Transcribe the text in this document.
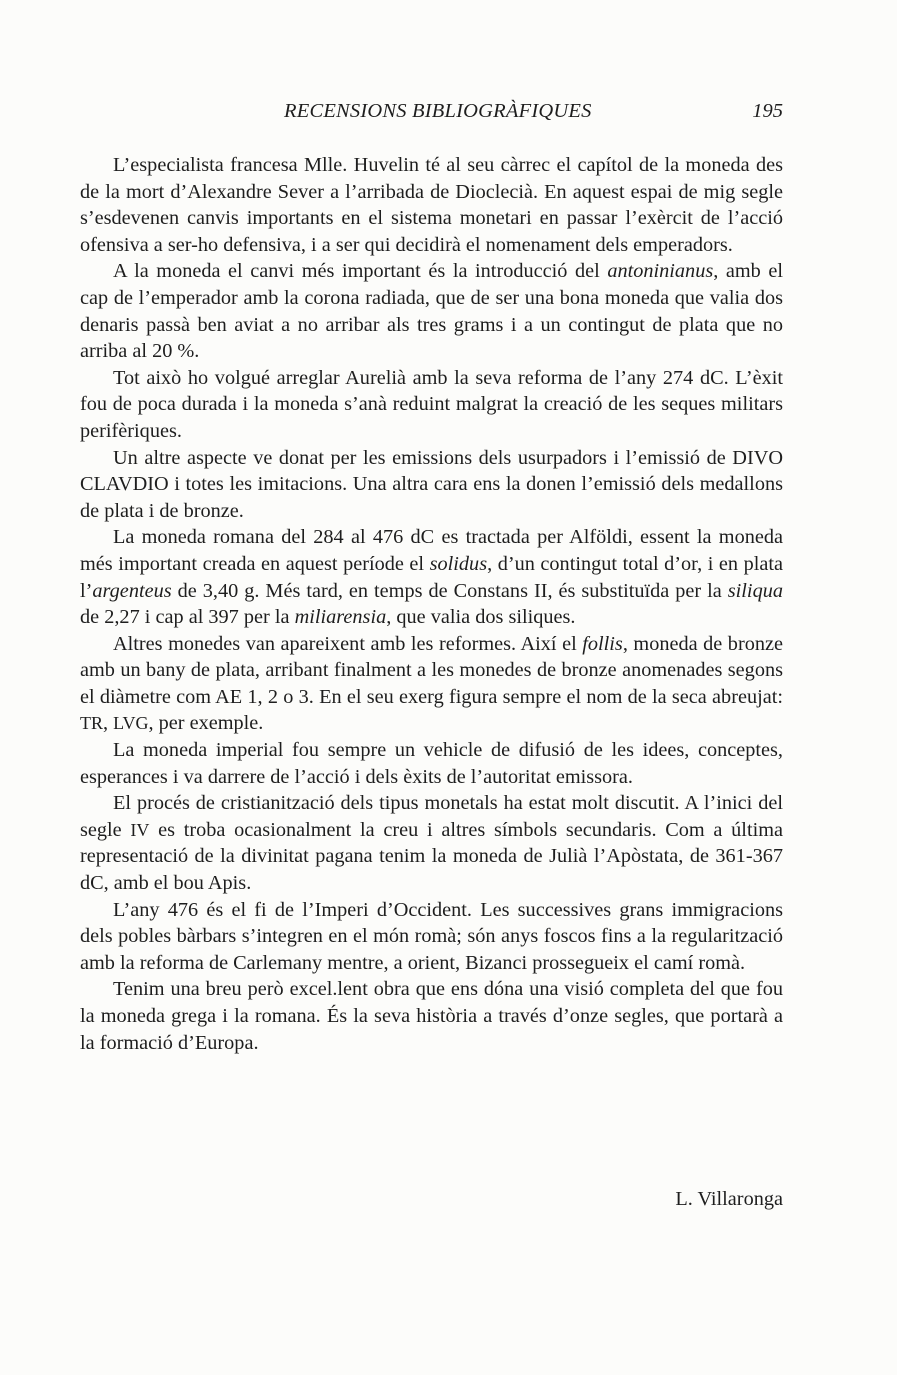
RECENSIONS BIBLIOGRÀFIQUES	195

L’especialista francesa Mlle. Huvelin té al seu càrrec el capítol de la moneda des de la mort d’Alexandre Sever a l’arribada de Dioclecià. En aquest espai de mig segle s’esdevenen canvis importants en el sistema monetari en passar l’exèrcit de l’acció ofensiva a ser-ho defensiva, i a ser qui decidirà el nomenament dels emperadors.

A la moneda el canvi més important és la introducció del antoninianus, amb el cap de l’emperador amb la corona radiada, que de ser una bona moneda que valia dos denaris passà ben aviat a no arribar als tres grams i a un contingut de plata que no arriba al 20 %.

Tot això ho volgué arreglar Aurelià amb la seva reforma de l’any 274 dC. L’èxit fou de poca durada i la moneda s’anà reduint malgrat la creació de les seques militars perifèriques.

Un altre aspecte ve donat per les emissions dels usurpadors i l’emissió de DIVO CLAVDIO i totes les imitacions. Una altra cara ens la donen l’emissió dels medallons de plata i de bronze.

La moneda romana del 284 al 476 dC es tractada per Alföldi, essent la moneda més important creada en aquest període el solidus, d’un contingut total d’or, i en plata l’argenteus de 3,40 g. Més tard, en temps de Constans II, és substituïda per la siliqua de 2,27 i cap al 397 per la miliarensia, que valia dos siliques.

Altres monedes van apareixent amb les reformes. Així el follis, moneda de bronze amb un bany de plata, arribant finalment a les monedes de bronze anomenades segons el diàmetre com AE 1, 2 o 3. En el seu exerg figura sempre el nom de la seca abreujat: TR, LVG, per exemple.

La moneda imperial fou sempre un vehicle de difusió de les idees, conceptes, esperances i va darrere de l’acció i dels èxits de l’autoritat emissora.

El procés de cristianització dels tipus monetals ha estat molt discutit. A l’inici del segle IV es troba ocasionalment la creu i altres símbols secundaris. Com a última representació de la divinitat pagana tenim la moneda de Julià l’Apòstata, de 361-367 dC, amb el bou Apis.

L’any 476 és el fi de l’Imperi d’Occident. Les successives grans immigracions dels pobles bàrbars s’integren en el món romà; són anys foscos fins a la regularització amb la reforma de Carlemany mentre, a orient, Bizanci prossegueix el camí romà.

Tenim una breu però excel.lent obra que ens dóna una visió completa del que fou la moneda grega i la romana. És la seva història a través d’onze segles, que portarà a la formació d’Europa.

L. Villaronga
